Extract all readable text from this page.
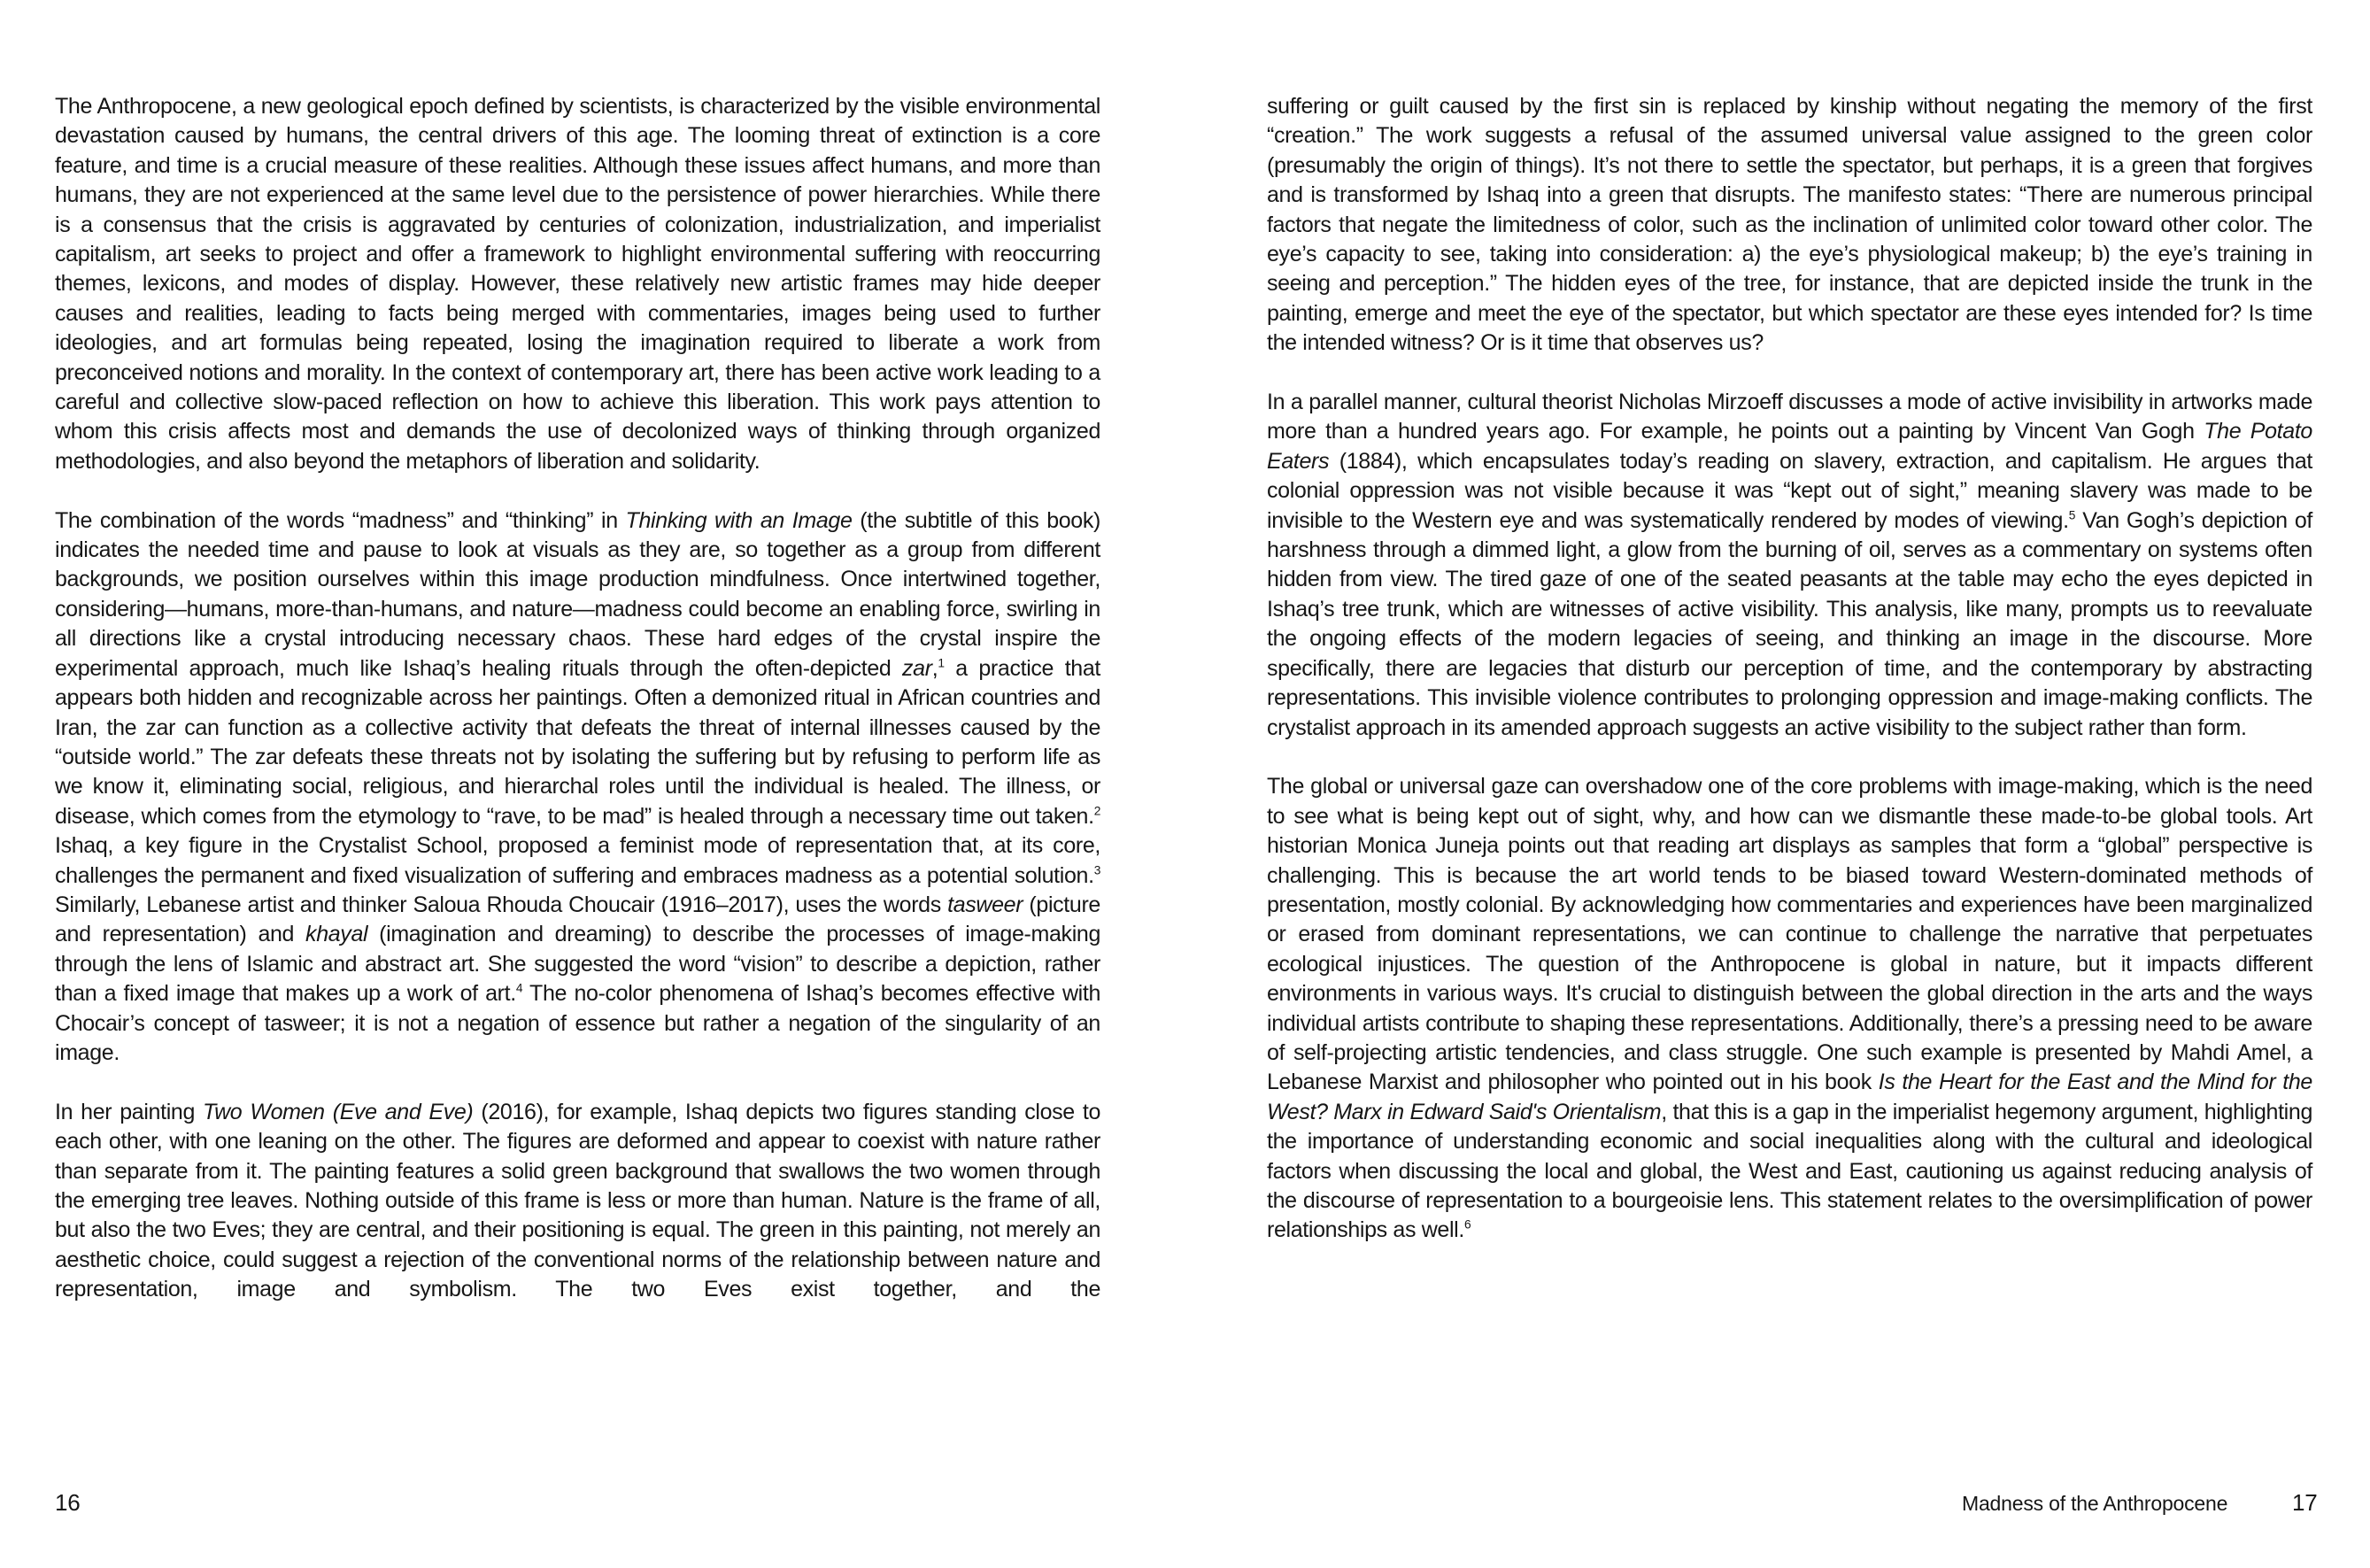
The Anthropocene, a new geological epoch defined by scientists, is characterized by the visible environmental devastation caused by humans, the central drivers of this age. The looming threat of extinction is a core feature, and time is a crucial measure of these realities. Although these issues affect humans, and more than humans, they are not experienced at the same level due to the persistence of power hierarchies. While there is a consensus that the crisis is aggravated by centuries of colonization, industrialization, and imperialist capitalism, art seeks to project and offer a framework to highlight environmental suffering with reoccurring themes, lexicons, and modes of display. However, these relatively new artistic frames may hide deeper causes and realities, leading to facts being merged with commentaries, images being used to further ideologies, and art formulas being repeated, losing the imagination required to liberate a work from preconceived notions and morality. In the context of contemporary art, there has been active work leading to a careful and collective slow-paced reflection on how to achieve this liberation. This work pays attention to whom this crisis affects most and demands the use of decolonized ways of thinking through organized methodologies, and also beyond the metaphors of liberation and solidarity.

The combination of the words “madness” and “thinking” in Thinking with an Image (the subtitle of this book) indicates the needed time and pause to look at visuals as they are, so together as a group from different backgrounds, we position ourselves within this image production mindfulness. Once intertwined together, considering—humans, more-than-humans, and nature—madness could become an enabling force, swirling in all directions like a crystal introducing necessary chaos. These hard edges of the crystal inspire the experimental approach, much like Ishaq’s healing rituals through the often-depicted zar,$^1$ a practice that appears both hidden and recognizable across her paintings. Often a demonized ritual in African countries and Iran, the zar can function as a collective activity that defeats the threat of internal illnesses caused by the “outside world.” The zar defeats these threats not by isolating the suffering but by refusing to perform life as we know it, eliminating social, religious, and hierarchal roles until the individual is healed. The illness, or disease, which comes from the etymology to “rave, to be mad” is healed through a necessary time out taken.$^2$ Ishaq, a key figure in the Crystalist School, proposed a feminist mode of representation that, at its core, challenges the permanent and fixed visualization of suffering and embraces madness as a potential solution.$^3$ Similarly, Lebanese artist and thinker Saloua Rhouda Choucair (1916–2017), uses the words tasweer (picture and representation) and khayal (imagination and dreaming) to describe the processes of image-making through the lens of Islamic and abstract art. She suggested the word “vision” to describe a depiction, rather than a fixed image that makes up a work of art.$^4$ The no-color phenomena of Ishaq’s becomes effective with Chocair’s concept of tasweer; it is not a negation of essence but rather a negation of the singularity of an image.

In her painting Two Women (Eve and Eve) (2016), for example, Ishaq depicts two figures standing close to each other, with one leaning on the other. The figures are deformed and appear to coexist with nature rather than separate from it. The painting features a solid green background that swallows the two women through the emerging tree leaves. Nothing outside of this frame is less or more than human. Nature is the frame of all, but also the two Eves; they are central, and their positioning is equal. The green in this painting, not merely an aesthetic choice, could suggest a rejection of the conventional norms of the relationship between nature and representation, image and symbolism. The two Eves exist together, and the

suffering or guilt caused by the first sin is replaced by kinship without negating the memory of the first “creation.” The work suggests a refusal of the assumed universal value assigned to the green color (presumably the origin of things). It’s not there to settle the spectator, but perhaps, it is a green that forgives and is transformed by Ishaq into a green that disrupts. The manifesto states: “There are numerous principal factors that negate the limitedness of color, such as the inclination of unlimited color toward other color. The eye’s capacity to see, taking into consideration: a) the eye’s physiological makeup; b) the eye’s training in seeing and perception.” The hidden eyes of the tree, for instance, that are depicted inside the trunk in the painting, emerge and meet the eye of the spectator, but which spectator are these eyes intended for? Is time the intended witness? Or is it time that observes us?

In a parallel manner, cultural theorist Nicholas Mirzoeff discusses a mode of active invisibility in artworks made more than a hundred years ago. For example, he points out a painting by Vincent Van Gogh The Potato Eaters (1884), which encapsulates today’s reading on slavery, extraction, and capitalism. He argues that colonial oppression was not visible because it was “kept out of sight,” meaning slavery was made to be invisible to the Western eye and was systematically rendered by modes of viewing.$^5$ Van Gogh’s depiction of harshness through a dimmed light, a glow from the burning of oil, serves as a commentary on systems often hidden from view. The tired gaze of one of the seated peasants at the table may echo the eyes depicted in Ishaq’s tree trunk, which are witnesses of active visibility. This analysis, like many, prompts us to reevaluate the ongoing effects of the modern legacies of seeing, and thinking an image in the discourse. More specifically, there are legacies that disturb our perception of time, and the contemporary by abstracting representations. This invisible violence contributes to prolonging oppression and image-making conflicts. The crystalist approach in its amended approach suggests an active visibility to the subject rather than form.

The global or universal gaze can overshadow one of the core problems with image-making, which is the need to see what is being kept out of sight, why, and how can we dismantle these made-to-be global tools. Art historian Monica Juneja points out that reading art displays as samples that form a “global” perspective is challenging. This is because the art world tends to be biased toward Western-dominated methods of presentation, mostly colonial. By acknowledging how commentaries and experiences have been marginalized or erased from dominant representations, we can continue to challenge the narrative that perpetuates ecological injustices. The question of the Anthropocene is global in nature, but it impacts different environments in various ways. It's crucial to distinguish between the global direction in the arts and the ways individual artists contribute to shaping these representations. Additionally, there’s a pressing need to be aware of self-projecting artistic tendencies, and class struggle. One such example is presented by Mahdi Amel, a Lebanese Marxist and philosopher who pointed out in his book Is the Heart for the East and the Mind for the West? Marx in Edward Said's Orientalism, that this is a gap in the imperialist hegemony argument, highlighting the importance of understanding economic and social inequalities along with the cultural and ideological factors when discussing the local and global, the West and East, cautioning us against reducing analysis of the discourse of representation to a bourgeoisie lens. This statement relates to the oversimplification of power relationships as well.$^6$

16	Madness of the Anthropocene	17
